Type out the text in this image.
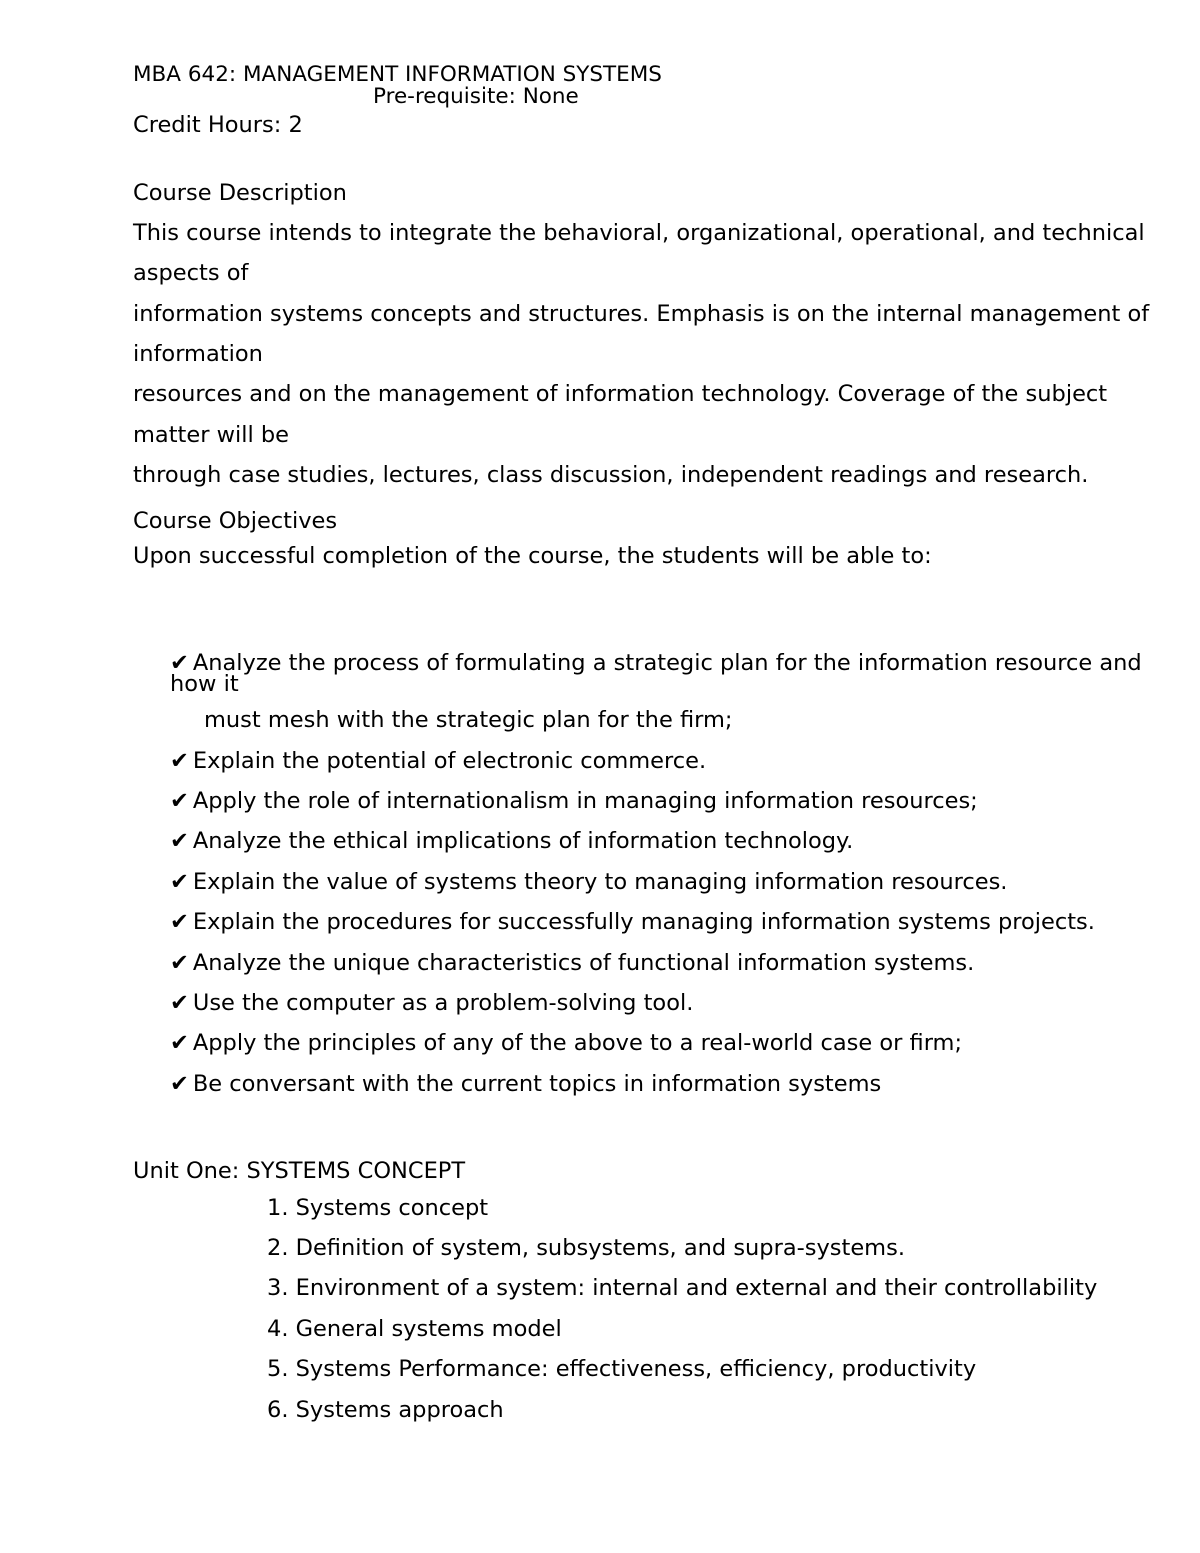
MBA 642: MANAGEMENT INFORMATION SYSTEMS
Pre-requisite: None
Credit Hours: 2
Course Description
This course intends to integrate the behavioral, organizational, operational, and technical
aspects of
information systems concepts and structures. Emphasis is on the internal management of
information
resources and on the management of information technology. Coverage of the subject
matter will be
through case studies, lectures, class discussion, independent readings and research.
Course Objectives
Upon successful completion of the course, the students will be able to:
✔ Analyze the process of formulating a strategic plan for the information resource and
how it
must mesh with the strategic plan for the firm;
✔ Explain the potential of electronic commerce.
✔ Apply the role of internationalism in managing information resources;
✔ Analyze the ethical implications of information technology.
✔ Explain the value of systems theory to managing information resources.
✔ Explain the procedures for successfully managing information systems projects.
✔ Analyze the unique characteristics of functional information systems.
✔ Use the computer as a problem-solving tool.
✔ Apply the principles of any of the above to a real-world case or firm;
✔ Be conversant with the current topics in information systems
Unit One: SYSTEMS CONCEPT
1. Systems concept
2. Definition of system, subsystems, and supra-systems.
3. Environment of a system: internal and external and their controllability
4. General systems model
5. Systems Performance: effectiveness, efficiency, productivity
6. Systems approach
